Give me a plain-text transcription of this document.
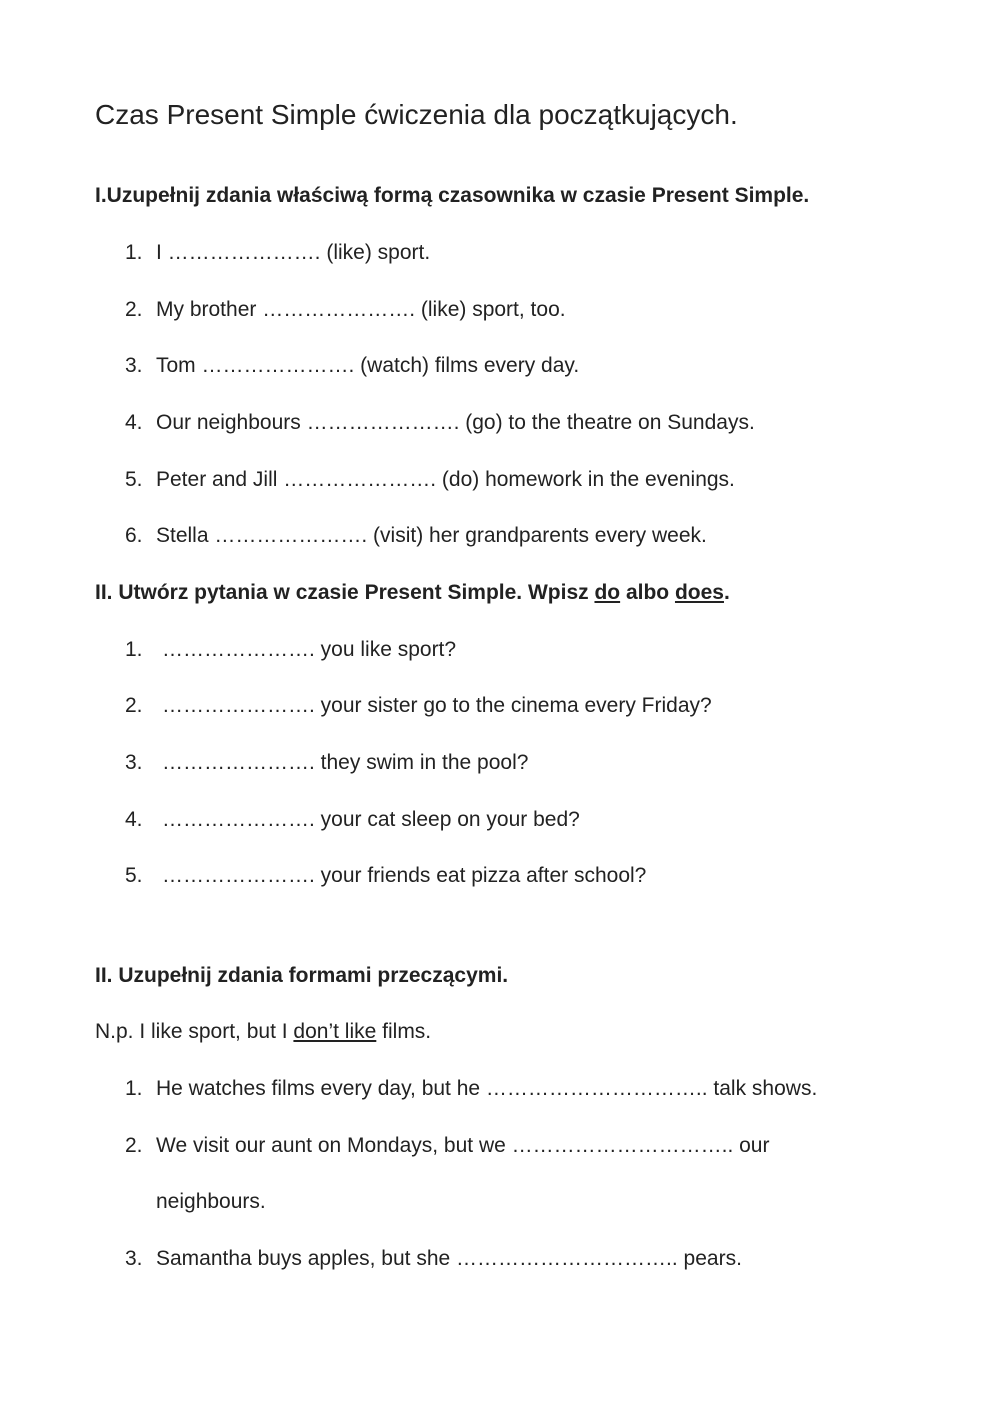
Czas Present Simple ćwiczenia dla początkujących.
I.Uzupełnij zdania właściwą formą czasownika w czasie Present Simple.
1. I …………………. (like) sport.
2. My brother …………………. (like) sport, too.
3. Tom …………………. (watch) films every day.
4. Our neighbours …………………. (go) to the theatre on Sundays.
5. Peter and Jill …………………. (do) homework in the evenings.
6. Stella …………………. (visit) her grandparents every week.
II. Utwórz pytania w czasie Present Simple. Wpisz do albo does.
1. …………………. you like sport?
2. …………………. your sister go to the cinema every Friday?
3. …………………. they swim in the pool?
4. …………………. your cat sleep on your bed?
5. …………………. your friends eat pizza after school?
II. Uzupełnij zdania formami przeczącymi.
N.p. I like sport, but I don’t like films.
1. He watches films every day, but he ………………………….. talk shows.
2. We visit our aunt on Mondays, but we ………………………….. our
neighbours.
3. Samantha buys apples, but she ………………………….. pears.
